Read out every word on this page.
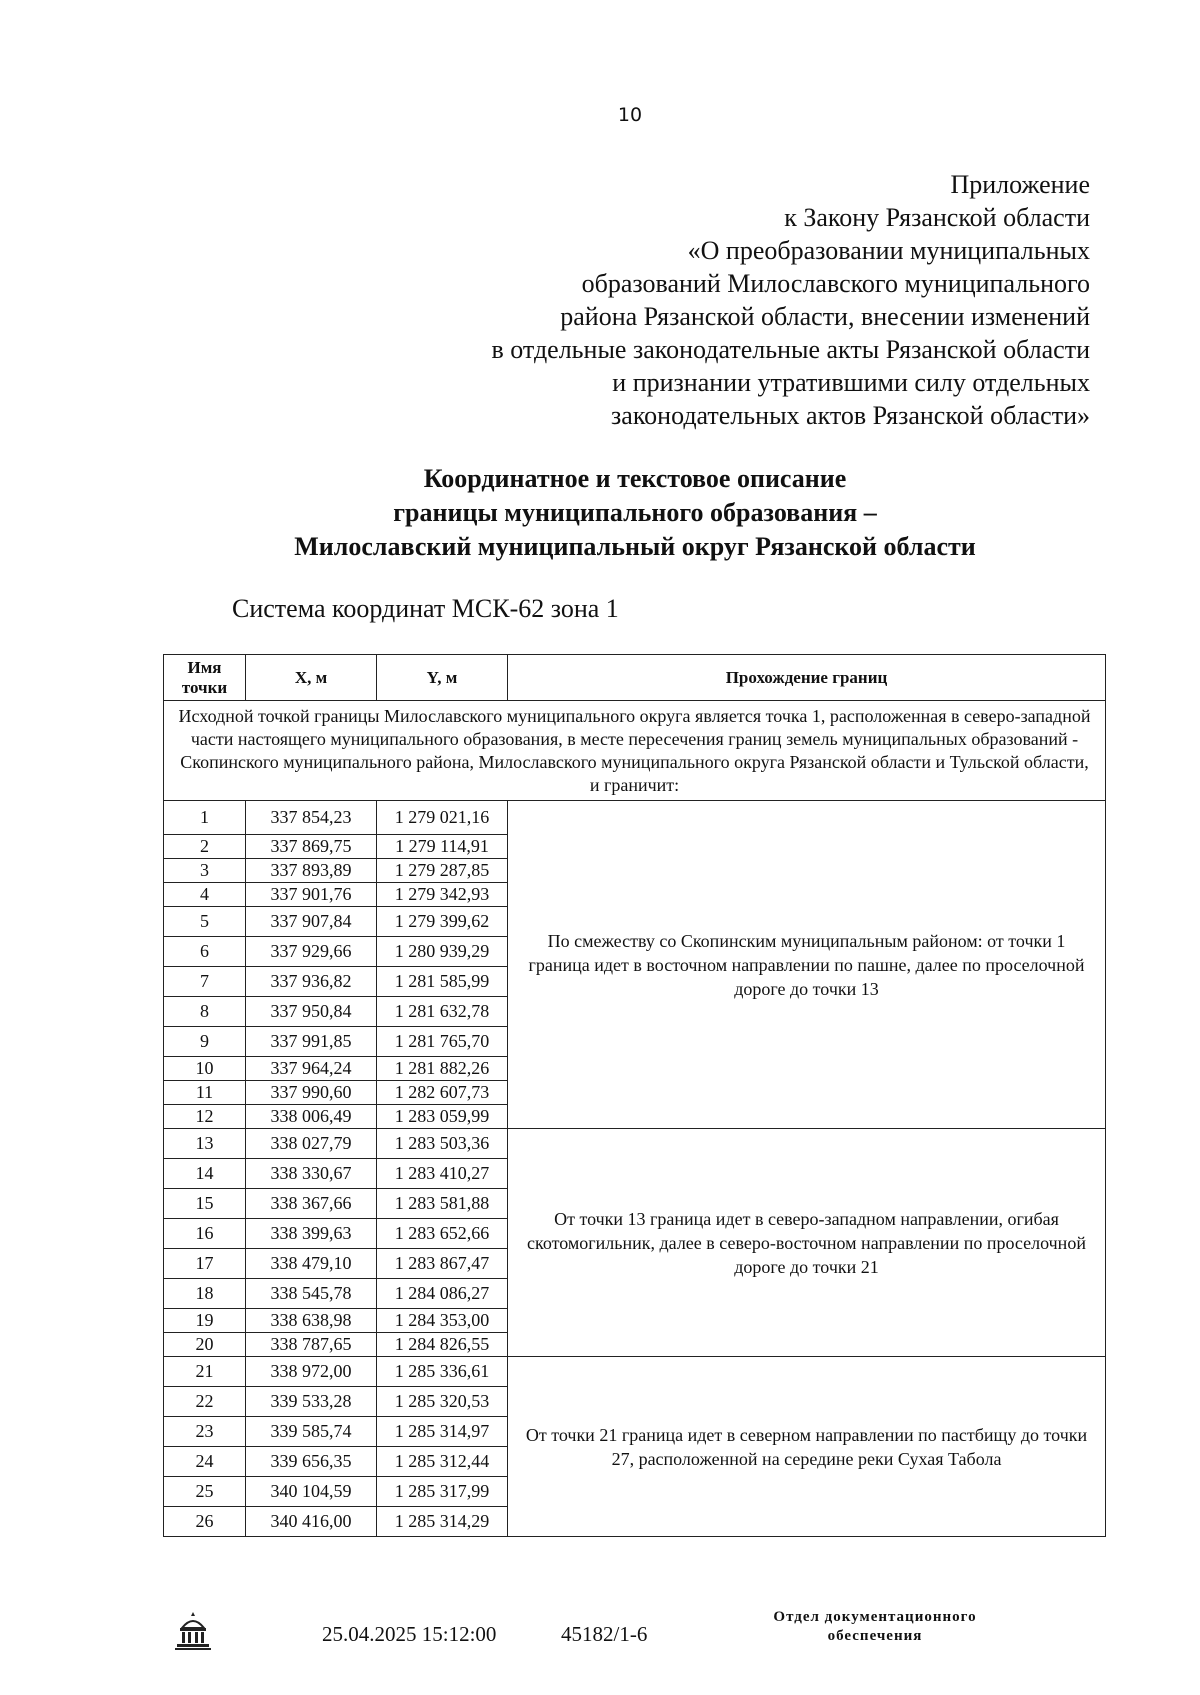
10
Приложение
к Закону Рязанской области
«О преобразовании муниципальных
образований Милославского муниципального
района Рязанской области, внесении изменений
в отдельные законодательные акты Рязанской области
и признании утратившими силу отдельных
законодательных актов Рязанской области»
Координатное и текстовое описание
границы муниципального образования –
Милославский муниципальный округ Рязанской области
Система координат МСК-62 зона 1
Имя точки	X, м	Y, м	Прохождение границ
Исходной точкой границы Милославского муниципального округа является точка 1, расположенная в северо-западной части настоящего муниципального образования, в месте пересечения границ земель муниципальных образований - Скопинского муниципального района, Милославского муниципального округа Рязанской области и Тульской области, и граничит:			
1	337 854,23	1 279 021,16	По смежеству со Скопинским муниципальным районом: от точки 1 граница идет в восточном направлении по пашне, далее по проселочной дороге до точки 13
2	337 869,75	1 279 114,91	
3	337 893,89	1 279 287,85	
4	337 901,76	1 279 342,93	
5	337 907,84	1 279 399,62	
6	337 929,66	1 280 939,29	
7	337 936,82	1 281 585,99	
8	337 950,84	1 281 632,78	
9	337 991,85	1 281 765,70	
10	337 964,24	1 281 882,26	
11	337 990,60	1 282 607,73	
12	338 006,49	1 283 059,99	
13	338 027,79	1 283 503,36	От точки 13 граница идет в северо-западном направлении, огибая скотомогильник, далее в северо-восточном направлении по проселочной дороге до точки 21
14	338 330,67	1 283 410,27	
15	338 367,66	1 283 581,88	
16	338 399,63	1 283 652,66	
17	338 479,10	1 283 867,47	
18	338 545,78	1 284 086,27	
19	338 638,98	1 284 353,00	
20	338 787,65	1 284 826,55	
21	338 972,00	1 285 336,61	От точки 21 граница идет в северном направлении по пастбищу до точки 27, расположенной на середине реки Сухая Табола
22	339 533,28	1 285 320,53	
23	339 585,74	1 285 314,97	
24	339 656,35	1 285 312,44	
25	340 104,59	1 285 317,99	
26	340 416,00	1 285 314,29	
25.04.2025 15:12:00	45182/1-6
Отдел документационного
обеспечения
